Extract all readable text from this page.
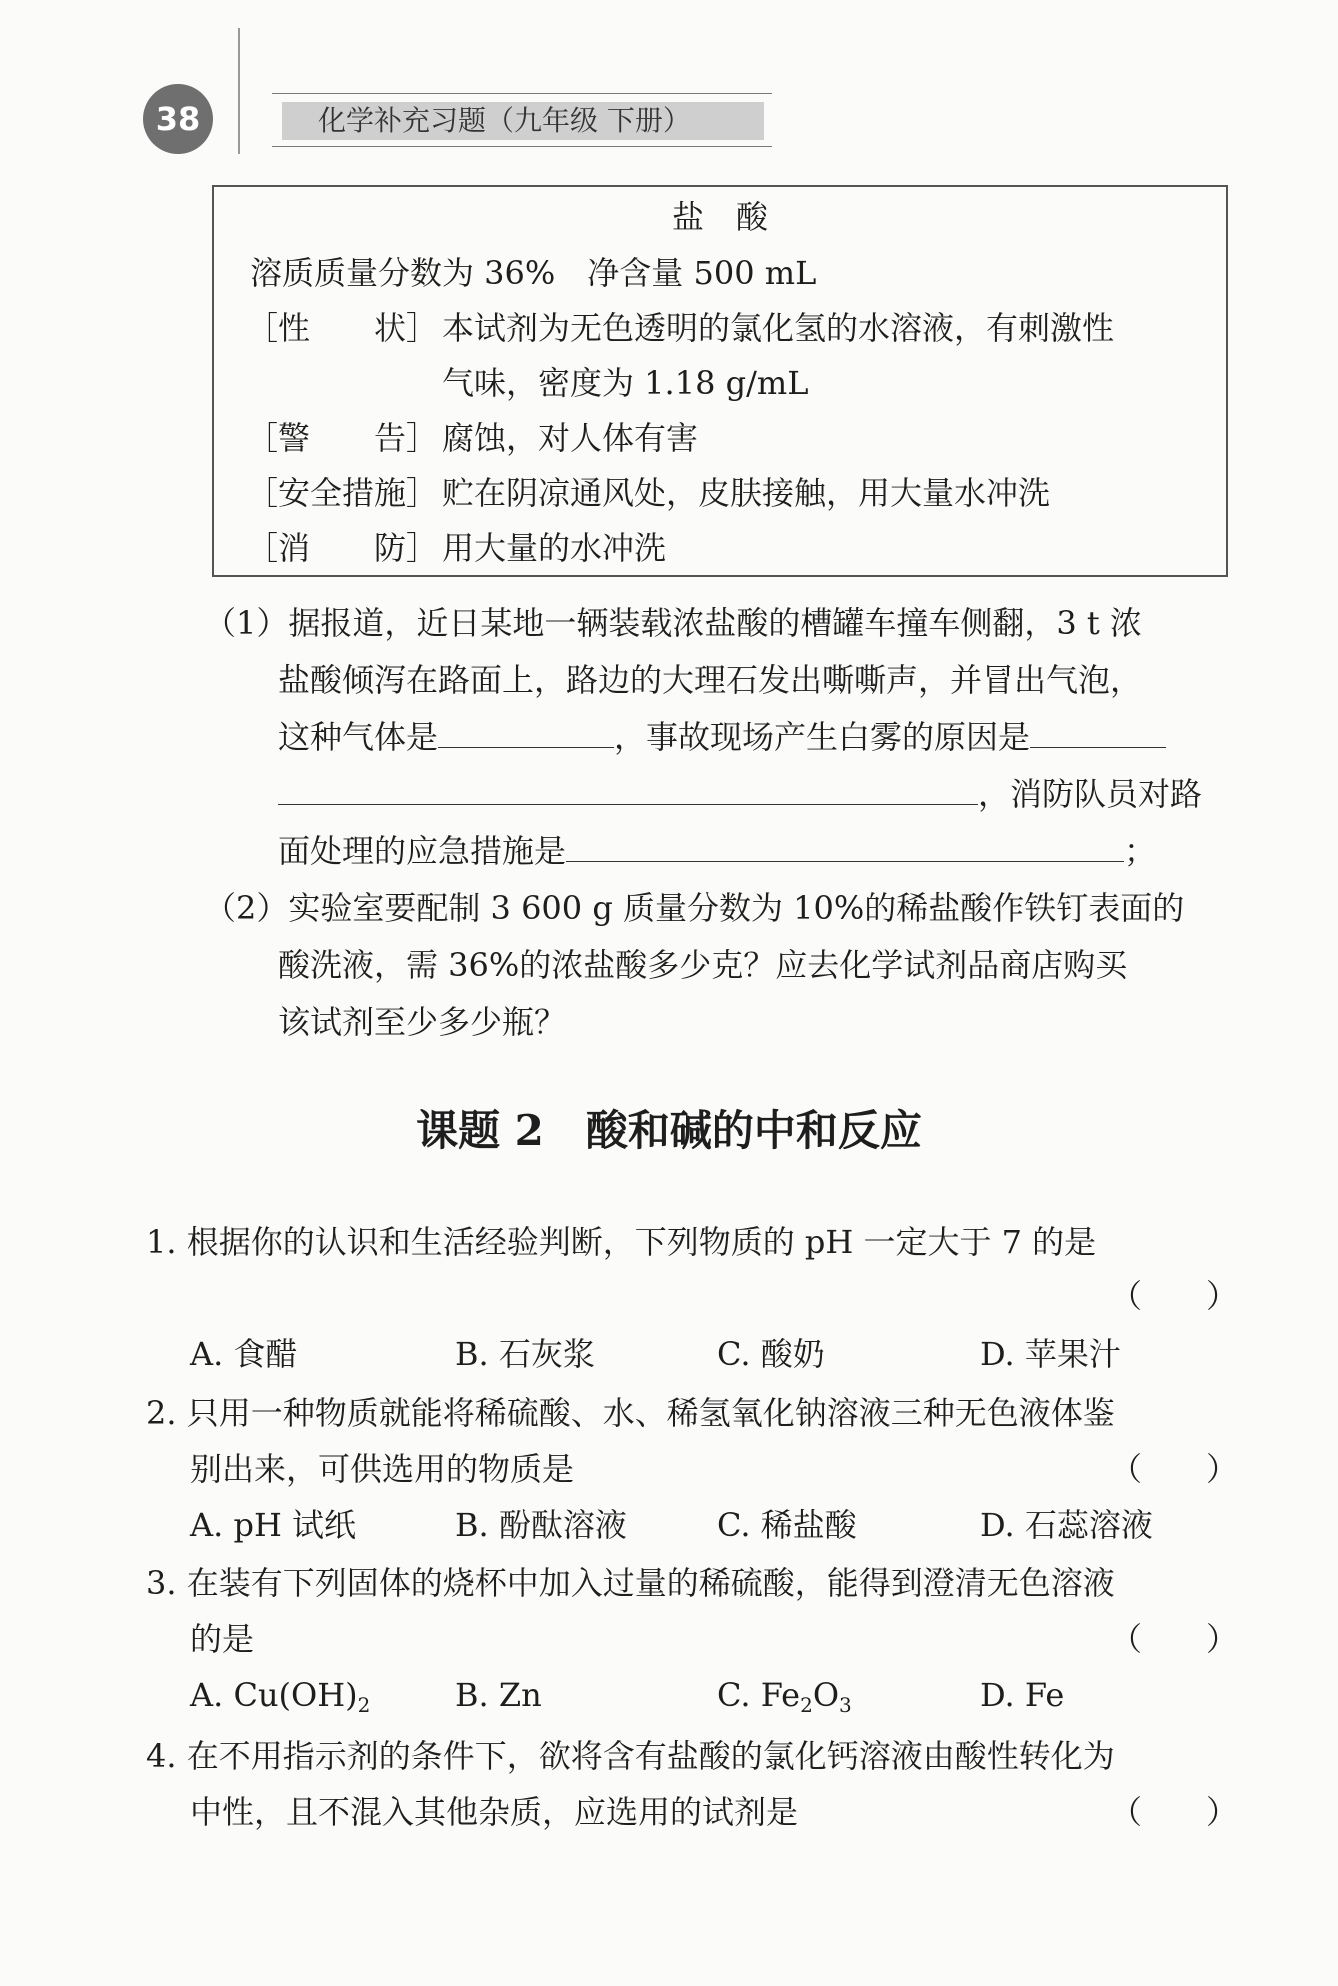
38	化学补充习题（九年级 下册）
盐　酸
溶质质量分数为 36%　净含量 500 mL
［性　　状］ 本试剂为无色透明的氯化氢的水溶液，有刺激性
气味，密度为 1.18 g/mL
［警　　告］ 腐蚀，对人体有害
［安全措施］ 贮在阴凉通风处，皮肤接触，用大量水冲洗
［消　　防］ 用大量的水冲洗
（1）据报道，近日某地一辆装载浓盐酸的槽罐车撞车侧翻，3 t 浓
盐酸倾泻在路面上，路边的大理石发出嘶嘶声，并冒出气泡，
这种气体是	，事故现场产生白雾的原因是
，消防队员对路
面处理的应急措施是	；
（2）实验室要配制 3 600 g 质量分数为 10%的稀盐酸作铁钉表面的
酸洗液，需 36%的浓盐酸多少克？应去化学试剂品商店购买
该试剂至少多少瓶？
课题 2　酸和碱的中和反应
1. 根据你的认识和生活经验判断，下列物质的 pH 一定大于 7 的是
（　　）
A. 食醋	B. 石灰浆	C. 酸奶	D. 苹果汁
2. 只用一种物质就能将稀硫酸、水、稀氢氧化钠溶液三种无色液体鉴
别出来，可供选用的物质是	（　　）
A. pH 试纸	B. 酚酞溶液	C. 稀盐酸	D. 石蕊溶液
3. 在装有下列固体的烧杯中加入过量的稀硫酸，能得到澄清无色溶液
的是	（　　）
A. $Cu(OH)_2$	B. Zn	C. $Fe_2O_3$	D. Fe
4. 在不用指示剂的条件下，欲将含有盐酸的氯化钙溶液由酸性转化为
中性，且不混入其他杂质，应选用的试剂是	（　　）
